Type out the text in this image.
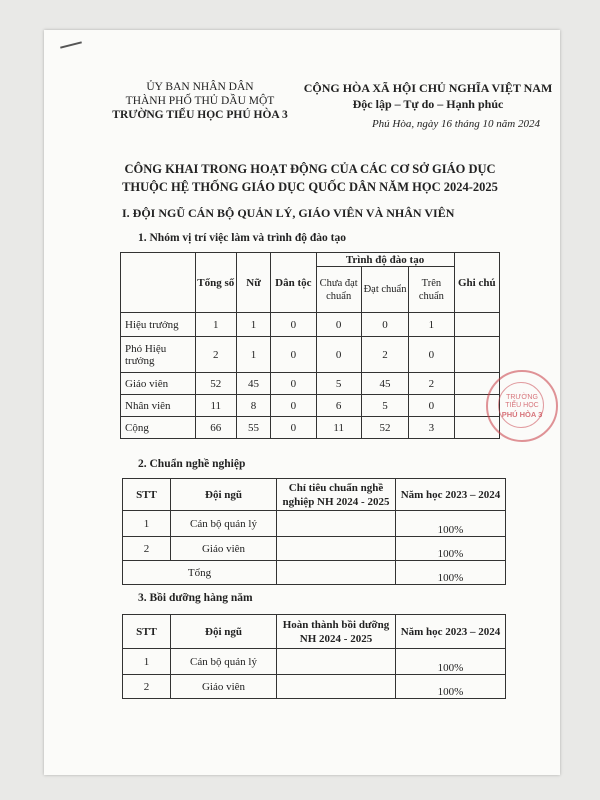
ỦY BAN NHÂN DÂN
THÀNH PHỐ THỦ DẦU MỘT
TRƯỜNG TIỂU HỌC PHÚ HÒA 3
CỘNG HÒA XÃ HỘI CHỦ NGHĨA VIỆT NAM
Độc lập – Tự do – Hạnh phúc
Phú Hòa, ngày 16 tháng 10 năm 2024
CÔNG KHAI TRONG HOẠT ĐỘNG CỦA CÁC CƠ SỞ GIÁO DỤC
THUỘC HỆ THỐNG GIÁO DỤC QUỐC DÂN NĂM HỌC 2024-2025
I. ĐỘI NGŨ CÁN BỘ QUẢN LÝ, GIÁO VIÊN VÀ NHÂN VIÊN
1. Nhóm vị trí việc làm và trình độ đào tạo
	Tổng số	Nữ	Dân tộc	Trình độ đào tạo			Ghi chú
				Chưa đạt chuẩn	Đạt chuẩn	Trên chuẩn	
Hiệu trưởng	1	1	0	0	0	1	
Phó Hiệu trưởng	2	1	0	0	2	0	
Giáo viên	52	45	0	5	45	2	
Nhân viên	11	8	0	6	5	0	
Cộng	66	55	0	11	52	3	
TRƯỜNG
TIỂU HỌC
PHÚ HÒA 3
2. Chuẩn nghề nghiệp
STT	Đội ngũ	Chỉ tiêu chuẩn nghề nghiệp NH 2024 - 2025	Năm học 2023 – 2024
1	Cán bộ quản lý		100%
2	Giáo viên		100%
Tổng			100%
3. Bồi dưỡng hàng năm
STT	Đội ngũ	Hoàn thành bồi dưỡng NH 2024 - 2025	Năm học 2023 – 2024
1	Cán bộ quản lý		100%
2	Giáo viên		100%
